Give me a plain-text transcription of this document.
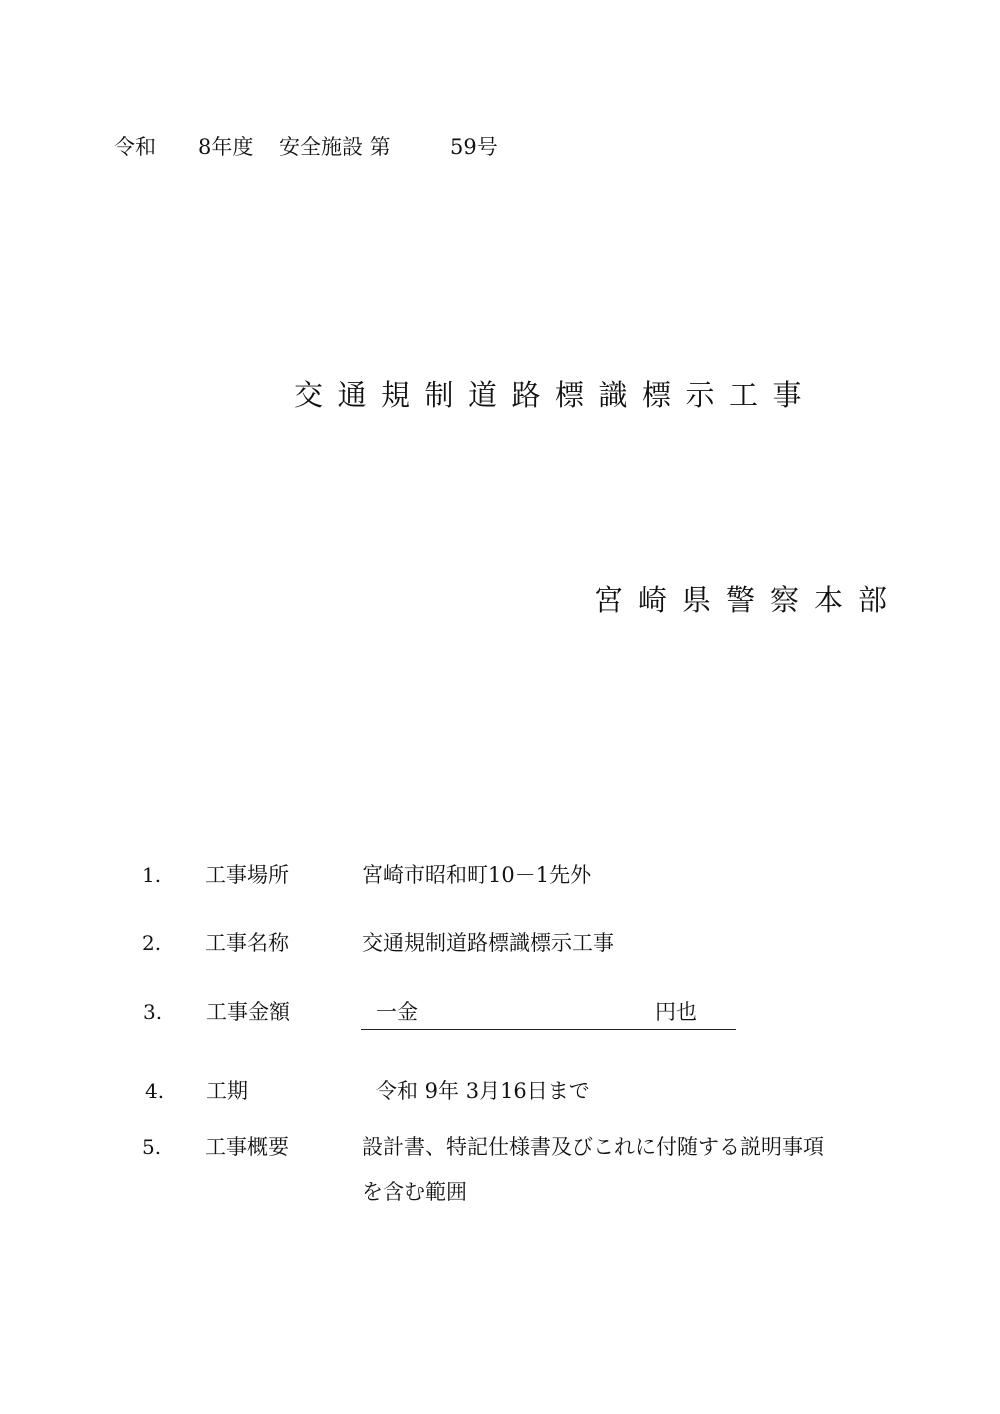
令和 8年度 安全施設 第	59号
交通規制道路標識標示工事
宮崎県警察本部
1. 工事場所	宮崎市昭和町10－1先外
2. 工事名称	交通規制道路標識標示工事
3. 工事金額	一金	円也
4. 工期	令和 9年 3月16日まで
5. 工事概要	設計書、特記仕様書及びこれに付随する説明事項
を含む範囲
